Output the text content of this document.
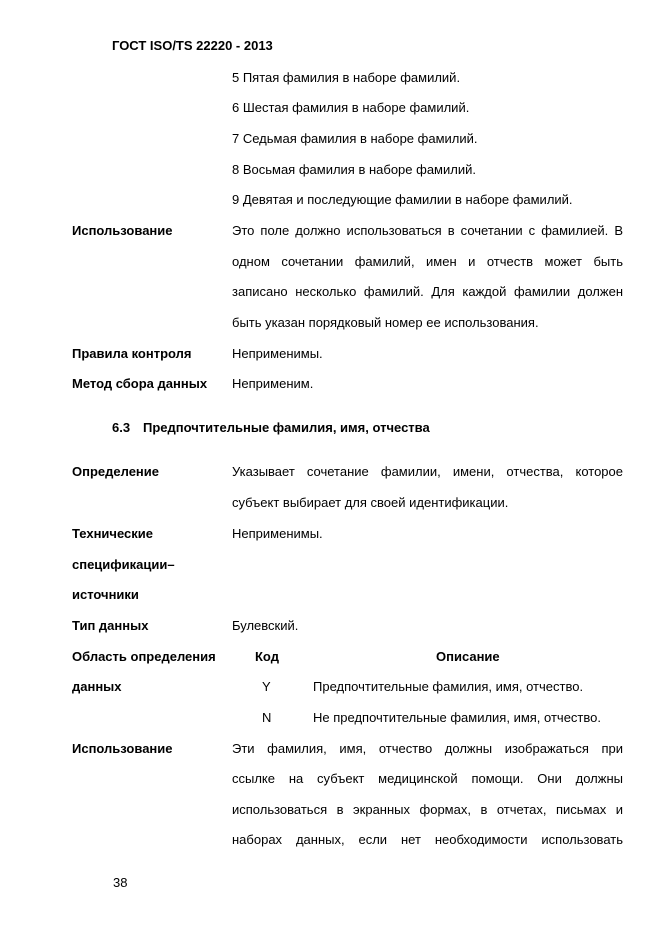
ГОСТ ISO/TS 22220 - 2013
5 Пятая фамилия в наборе фамилий.
6 Шестая фамилия в наборе фамилий.
7 Седьмая фамилия в наборе фамилий.
8 Восьмая фамилия в наборе фамилий.
9 Девятая и последующие фамилии в наборе фамилий.
Использование	Это поле должно использоваться в сочетании с фамилией. В
одном сочетании фамилий, имен и отчеств может быть
записано несколько фамилий. Для каждой фамилии должен
быть указан порядковый номер ее использования.
Правила контроля	Неприменимы.
Метод сбора данных Неприменим.
6.3 Предпочтительные фамилия, имя, отчества
Определение	Указывает сочетание фамилии, имени, отчества, которое
субъект выбирает для своей идентификации.
Технические
спецификации–
источники
Неприменимы.
Тип данных	Булевский.
Область определения
данных
Код	Описание
Y	Предпочтительные фамилия, имя, отчество.
N	Не предпочтительные фамилия, имя, отчество.
Использование	Эти фамилия, имя, отчество должны изображаться при
ссылке на субъект медицинской помощи. Они должны
использоваться в экранных формах, в отчетах, письмах и
наборах данных, если нет необходимости использовать
38
